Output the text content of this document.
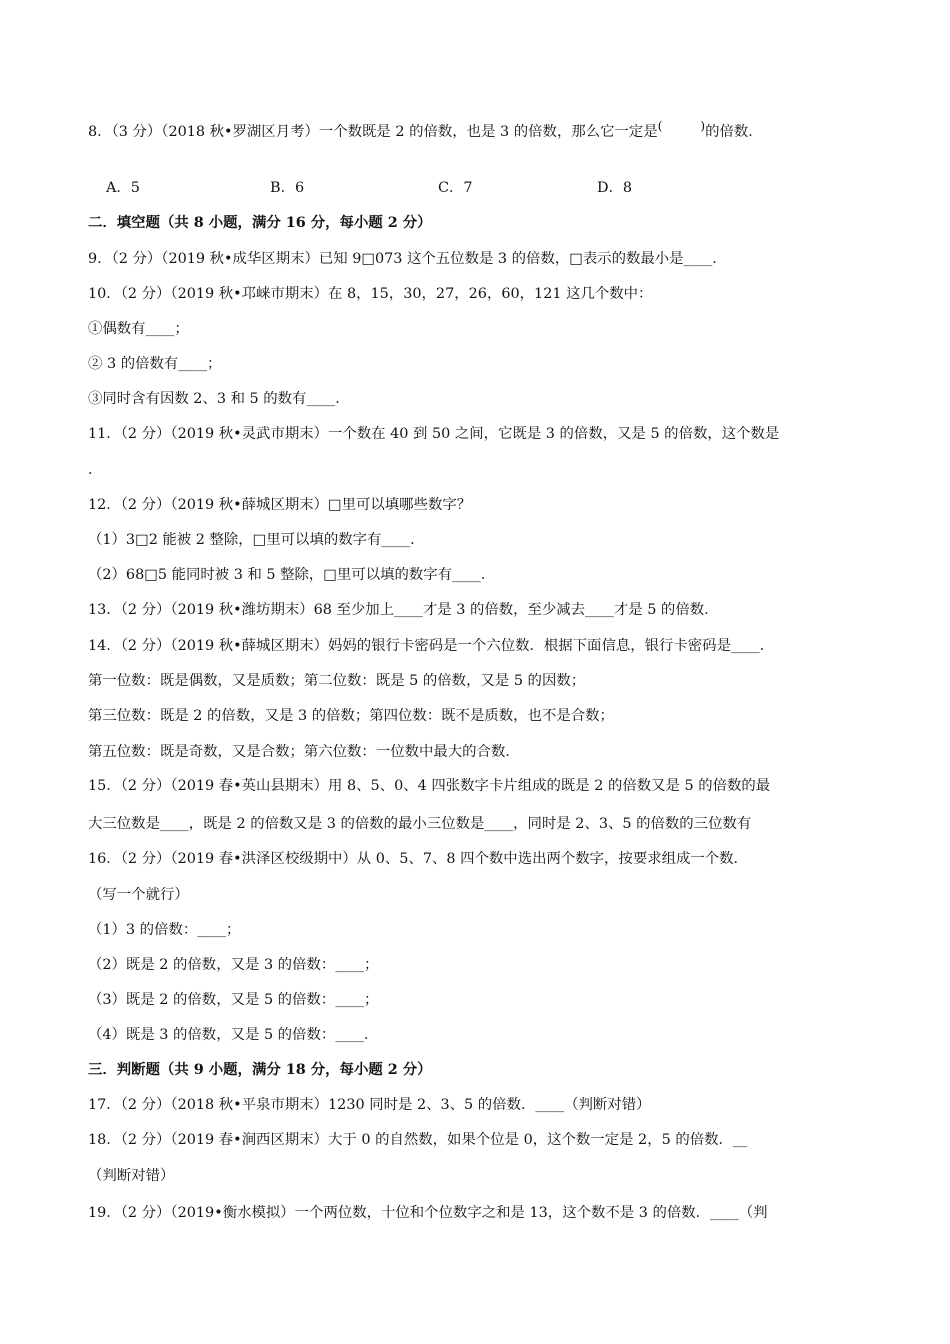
8．（3 分）（2018 秋•罗湖区月考）一个数既是 2 的倍数，也是 3 的倍数，那么它一定是(	)的倍数．
A．5	B．6	C．7	D．8
二．填空题（共 8 小题，满分 16 分，每小题 2 分）
9．（2 分）（2019 秋•成华区期末）已知 9□073 这个五位数是 3 的倍数，□表示的数最小是____．
10．（2 分）（2019 秋•邛崃市期末）在 8，15，30，27，26，60，121 这几个数中：
①偶数有____；
② 3 的倍数有____；
③同时含有因数 2、3 和 5 的数有____．
11．（2 分）（2019 秋•灵武市期末）一个数在 40 到 50 之间，它既是 3 的倍数，又是 5 的倍数，这个数是
．
12．（2 分）（2019 秋•薛城区期末）□里可以填哪些数字？
（1）3□2 能被 2 整除，□里可以填的数字有____．
（2）68□5 能同时被 3 和 5 整除，□里可以填的数字有____．
13．（2 分）（2019 秋•潍坊期末）68 至少加上____才是 3 的倍数，至少减去____才是 5 的倍数．
14．（2 分）（2019 秋•薛城区期末）妈妈的银行卡密码是一个六位数．根据下面信息，银行卡密码是____．
第一位数：既是偶数，又是质数；第二位数：既是 5 的倍数，又是 5 的因数；
第三位数：既是 2 的倍数，又是 3 的倍数；第四位数：既不是质数，也不是合数；
第五位数：既是奇数，又是合数；第六位数：一位数中最大的合数．
15．（2 分）（2019 春•英山县期末）用 8、5、0、4 四张数字卡片组成的既是 2 的倍数又是 5 的倍数的最
大三位数是____，既是 2 的倍数又是 3 的倍数的最小三位数是____，同时是 2、3、5 的倍数的三位数有
16．（2 分）（2019 春•洪泽区校级期中）从 0、5、7、8 四个数中选出两个数字，按要求组成一个数．
（写一个就行）
（1）3 的倍数：____；
（2）既是 2 的倍数，又是 3 的倍数：____；
（3）既是 2 的倍数，又是 5 的倍数：____；
（4）既是 3 的倍数，又是 5 的倍数：____．
三．判断题（共 9 小题，满分 18 分，每小题 2 分）
17．（2 分）（2018 秋•平泉市期末）1230 同时是 2、3、5 的倍数．____（判断对错）
18．（2 分）（2019 春•涧西区期末）大于 0 的自然数，如果个位是 0，这个数一定是 2，5 的倍数．__
（判断对错）
19．（2 分）（2019•衡水模拟）一个两位数，十位和个位数字之和是 13，这个数不是 3 的倍数．____（判
